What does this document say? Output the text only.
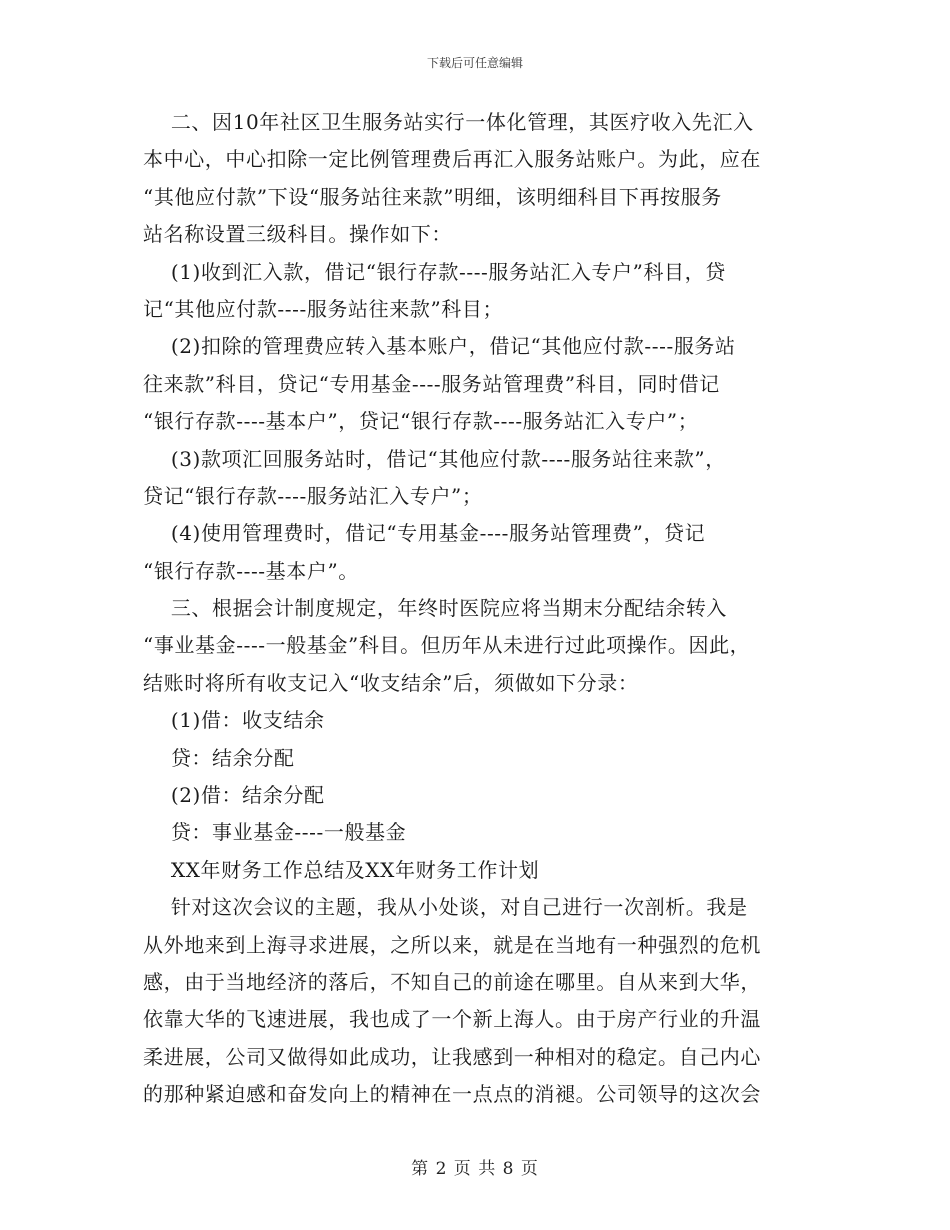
下载后可任意编辑
二、因10年社区卫生服务站实行一体化管理，其医疗收入先汇入
本中心，中心扣除一定比例管理费后再汇入服务站账户。为此，应在
“其他应付款”下设“服务站往来款”明细，该明细科目下再按服务
站名称设置三级科目。操作如下：
(1)收到汇入款，借记“银行存款----服务站汇入专户”科目，贷
记“其他应付款----服务站往来款”科目；
(2)扣除的管理费应转入基本账户，借记“其他应付款----服务站
往来款”科目，贷记“专用基金----服务站管理费”科目，同时借记
“银行存款----基本户”，贷记“银行存款----服务站汇入专户”；
(3)款项汇回服务站时，借记“其他应付款----服务站往来款”，
贷记“银行存款----服务站汇入专户”；
(4)使用管理费时，借记“专用基金----服务站管理费”，贷记
“银行存款----基本户”。
三、根据会计制度规定，年终时医院应将当期末分配结余转入
“事业基金----一般基金”科目。但历年从未进行过此项操作。因此，
结账时将所有收支记入“收支结余”后，须做如下分录：
(1)借：收支结余
贷：结余分配
(2)借：结余分配
贷：事业基金----一般基金
XX年财务工作总结及XX年财务工作计划
针对这次会议的主题，我从小处谈，对自己进行一次剖析。我是
从外地来到上海寻求进展，之所以来，就是在当地有一种强烈的危机
感，由于当地经济的落后，不知自己的前途在哪里。自从来到大华，
依靠大华的飞速进展，我也成了一个新上海人。由于房产行业的升温
柔进展，公司又做得如此成功，让我感到一种相对的稳定。自己内心
的那种紧迫感和奋发向上的精神在一点点的消褪。公司领导的这次会
第 2 页 共 8 页
